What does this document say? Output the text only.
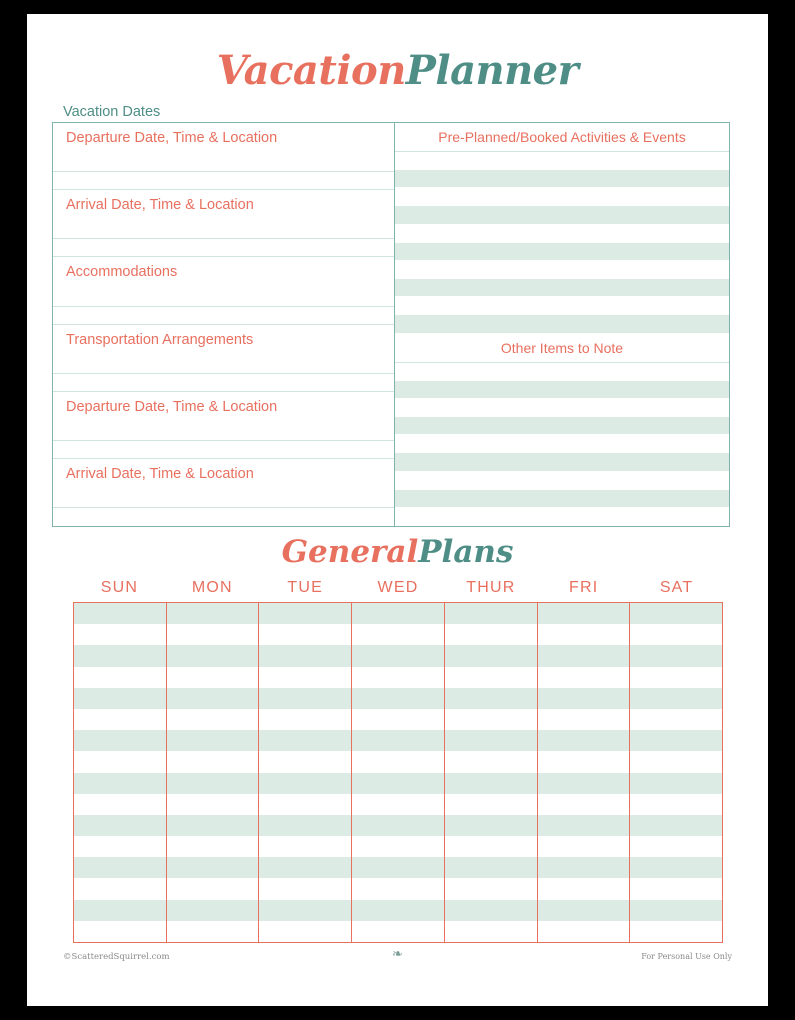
VacationPlanner
Vacation Dates
Departure Date, Time & Location
Arrival Date, Time & Location
Accommodations
Transportation Arrangements
Departure Date, Time & Location
Arrival Date, Time & Location
Pre-Planned/Booked Activities & Events
Other Items to Note
GeneralPlans
SUN	MON	TUE	WED	THUR	FRI	SAT
©ScatteredSquirrel.com	❧	For Personal Use Only
